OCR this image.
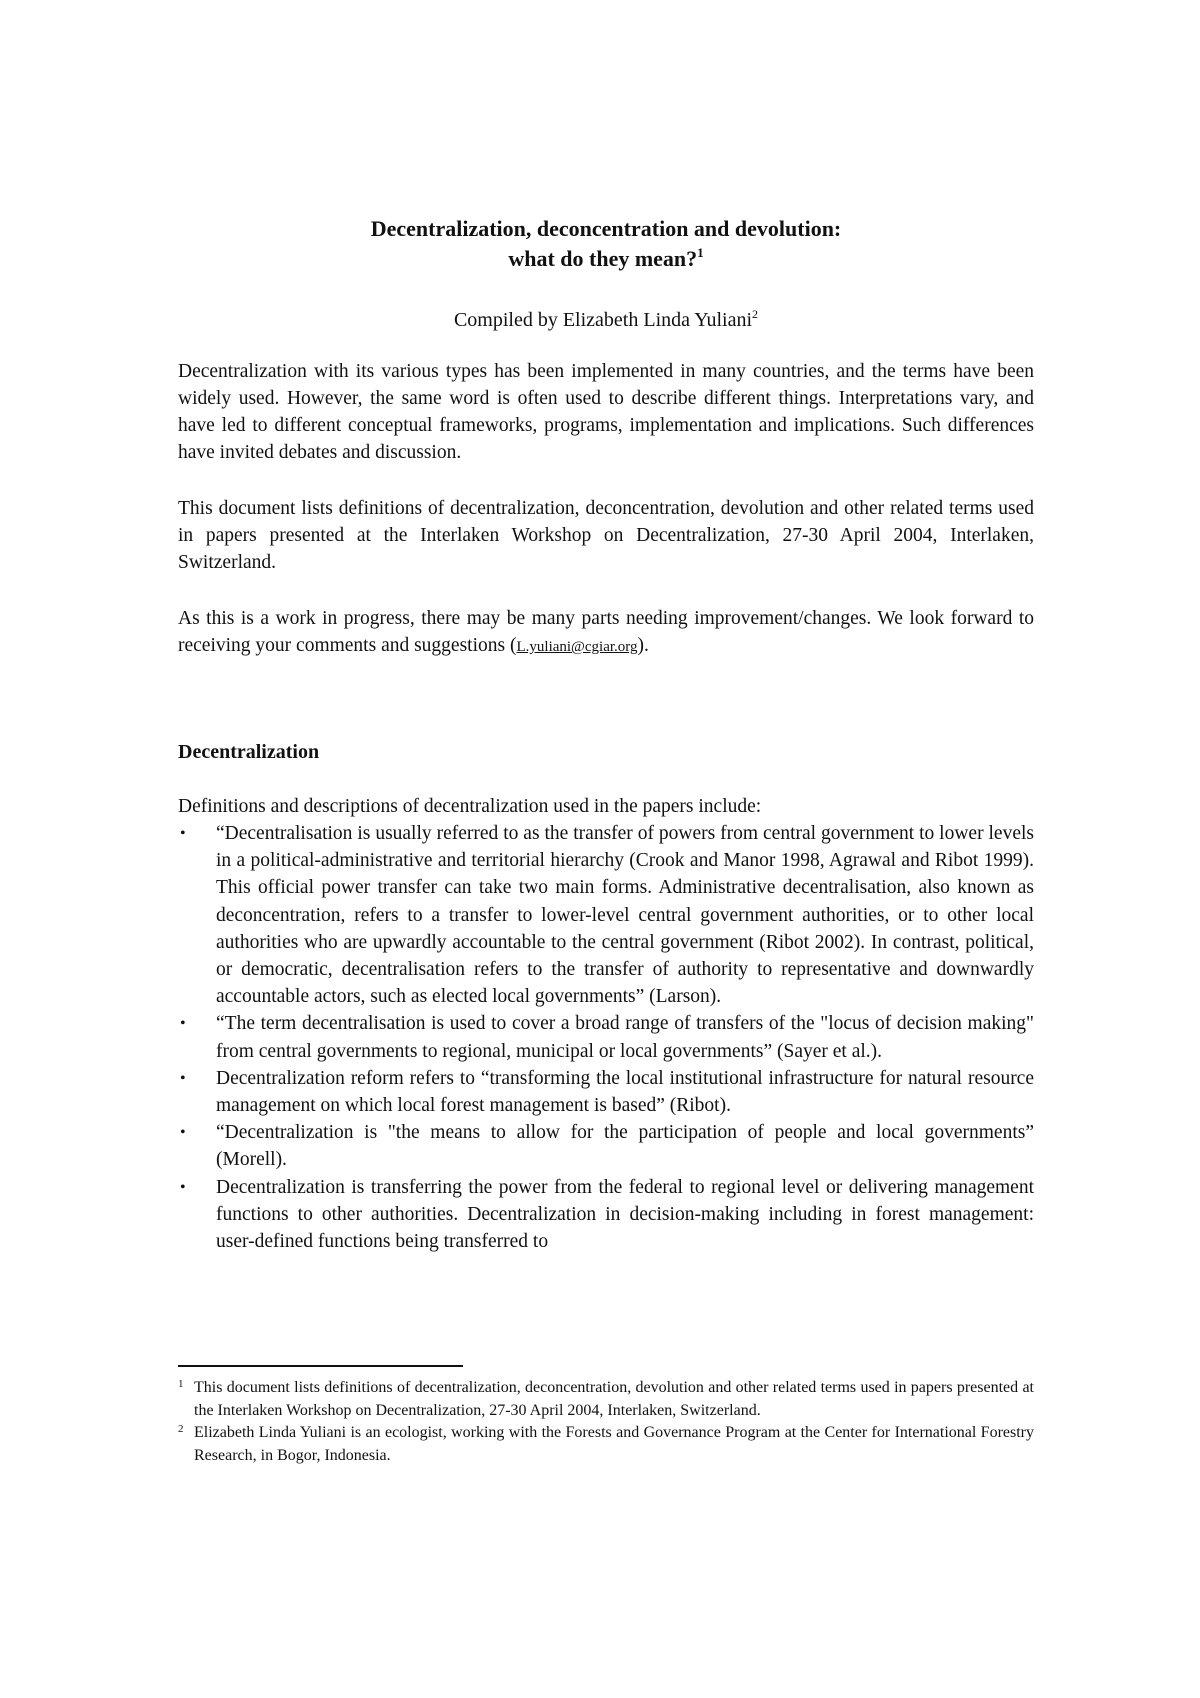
Decentralization, deconcentration and devolution:
what do they mean?$^1$
Compiled by Elizabeth Linda Yuliani$^2$

Decentralization with its various types has been implemented in many countries, and the terms have been widely used. However, the same word is often used to describe different things. Interpretations vary, and have led to different conceptual frameworks, programs, implementation and implications. Such differences have invited debates and discussion.

This document lists definitions of decentralization, deconcentration, devolution and other related terms used in papers presented at the Interlaken Workshop on Decentralization, 27-30 April 2004, Interlaken, Switzerland.

As this is a work in progress, there may be many parts needing improvement/changes. We look forward to receiving your comments and suggestions (L.yuliani@cgiar.org).

Decentralization

Definitions and descriptions of decentralization used in the papers include:

• “Decentralisation is usually referred to as the transfer of powers from central government to lower levels in a political-administrative and territorial hierarchy (Crook and Manor 1998, Agrawal and Ribot 1999). This official power transfer can take two main forms. Administrative decentralisation, also known as deconcentration, refers to a transfer to lower-level central government authorities, or to other local authorities who are upwardly accountable to the central government (Ribot 2002). In contrast, political, or democratic, decentralisation refers to the transfer of authority to representative and downwardly accountable actors, such as elected local governments” (Larson).
• “The term decentralisation is used to cover a broad range of transfers of the "locus of decision making" from central governments to regional, municipal or local governments” (Sayer et al.).
• Decentralization reform refers to “transforming the local institutional infrastructure for natural resource management on which local forest management is based” (Ribot).
• “Decentralization is "the means to allow for the participation of people and local governments” (Morell).
• Decentralization is transferring the power from the federal to regional level or delivering management functions to other authorities. Decentralization in decision-making including in forest management: user-defined functions being transferred to

1 This document lists definitions of decentralization, deconcentration, devolution and other related terms used in papers presented at the Interlaken Workshop on Decentralization, 27-30 April 2004, Interlaken, Switzerland.

2 Elizabeth Linda Yuliani is an ecologist, working with the Forests and Governance Program at the Center for International Forestry Research, in Bogor, Indonesia.
